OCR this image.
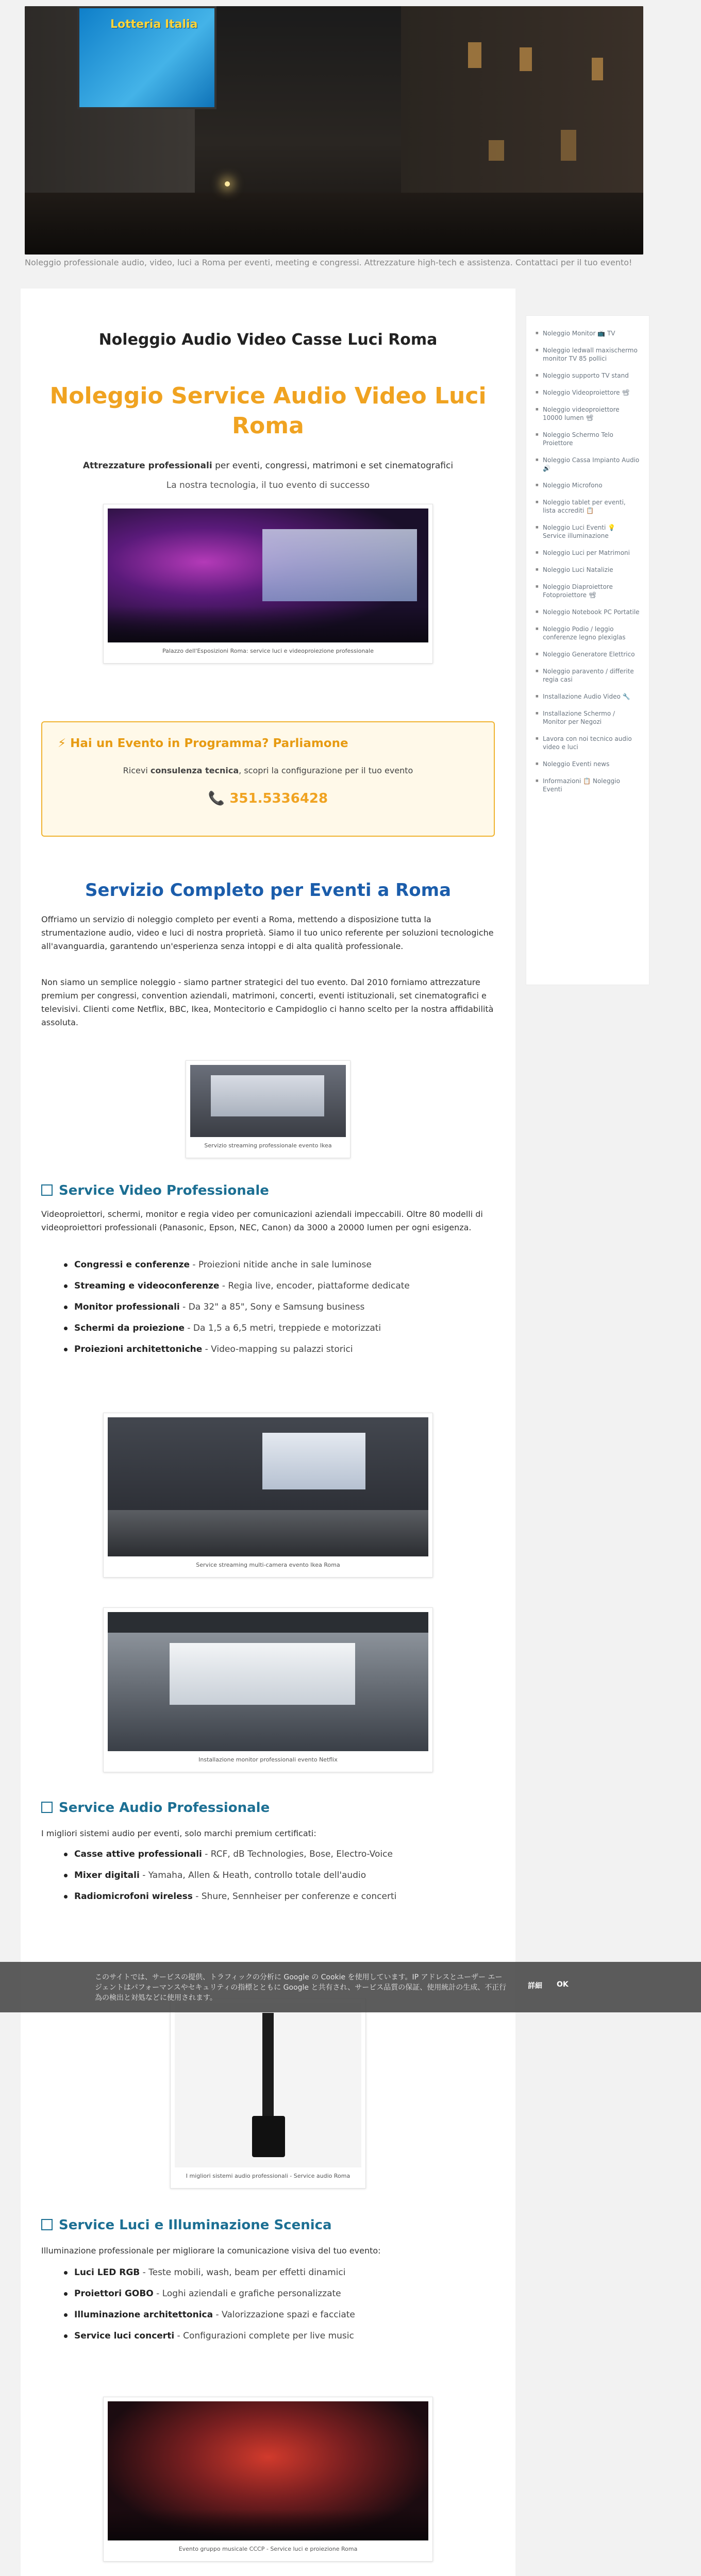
Lotteria Italia
Noleggio professionale audio, video, luci a Roma per eventi, meeting e congressi. Attrezzature high-tech e assistenza. Contattaci per il tuo evento!
Noleggio Audio Video Casse Luci Roma
Noleggio Service Audio Video Luci Roma
Attrezzature professionali per eventi, congressi, matrimoni e set cinematografici
La nostra tecnologia, il tuo evento di successo
Palazzo dell'Esposizioni Roma: service luci e videoproiezione professionale
⚡ Hai un Evento in Programma? Parliamone
Ricevi consulenza tecnica, scopri la configurazione per il tuo evento
📞 351.5336428
Servizio Completo per Eventi a Roma
Offriamo un servizio di noleggio completo per eventi a Roma, mettendo a disposizione tutta la strumentazione audio, video e luci di nostra proprietà. Siamo il tuo unico referente per soluzioni tecnologiche all'avanguardia, garantendo un'esperienza senza intoppi e di alta qualità professionale.
Non siamo un semplice noleggio - siamo partner strategici del tuo evento. Dal 2010 forniamo attrezzature premium per congressi, convention aziendali, matrimoni, concerti, eventi istituzionali, set cinematografici e televisivi. Clienti come Netflix, BBC, Ikea, Montecitorio e Campidoglio ci hanno scelto per la nostra affidabilità assoluta.
Servizio streaming professionale evento Ikea
Service Video Professionale
Videoproiettori, schermi, monitor e regia video per comunicazioni aziendali impeccabili. Oltre 80 modelli di videoproiettori professionali (Panasonic, Epson, NEC, Canon) da 3000 a 20000 lumen per ogni esigenza.
Congressi e conferenze - Proiezioni nitide anche in sale luminose
Streaming e videoconferenze - Regia live, encoder, piattaforme dedicate
Monitor professionali - Da 32" a 85", Sony e Samsung business
Schermi da proiezione - Da 1,5 a 6,5 metri, treppiede e motorizzati
Proiezioni architettoniche - Video-mapping su palazzi storici
Service streaming multi-camera evento Ikea Roma
Installazione monitor professionali evento Netflix
Service Audio Professionale
I migliori sistemi audio per eventi, solo marchi premium certificati:
Casse attive professionali - RCF, dB Technologies, Bose, Electro-Voice
Mixer digitali - Yamaha, Allen & Heath, controllo totale dell'audio
Radiomicrofoni wireless - Shure, Sennheiser per conferenze e concerti
I migliori sistemi audio professionali - Service audio Roma
Service Luci e Illuminazione Scenica
Illuminazione professionale per migliorare la comunicazione visiva del tuo evento:
Luci LED RGB - Teste mobili, wash, beam per effetti dinamici
Proiettori GOBO - Loghi aziendali e grafiche personalizzate
Illuminazione architettonica - Valorizzazione spazi e facciate
Service luci concerti - Configurazioni complete per live music
Evento gruppo musicale CCCP - Service luci e proiezione Roma
■ Noleggio Monitor 📺 TV
■ Noleggio ledwall maxischermo monitor TV 85 pollici
■ Noleggio supporto TV stand
■ Noleggio Videoproiettore 📽
■ Noleggio videoproiettore 10000 lumen 📽
■ Noleggio Schermo Telo Proiettore
■ Noleggio Cassa Impianto Audio 🔊
■ Noleggio Microfono
■ Noleggio tablet per eventi, lista accrediti 📋
■ Noleggio Luci Eventi 💡 Service illuminazione
■ Noleggio Luci per Matrimoni
■ Noleggio Luci Natalizie
■ Noleggio Diaproiettore Fotoproiettore 📽
■ Noleggio Notebook PC Portatile
■ Noleggio Podio / leggio conferenze legno plexiglas
■ Noleggio Generatore Elettrico
■ Noleggio paravento / differite regia casi
■ Installazione Audio Video 🔧
■ Installazione Schermo / Monitor per Negozi
■ Lavora con noi tecnico audio video e luci
■ Noleggio Eventi news
■ Informazioni 📋 Noleggio Eventi
このサイトでは、サービスの提供、トラフィックの分析に Google の Cookie を使用しています。IP アドレスとユーザー エージェントはパフォーマンスやセキュリティの指標とともに Google と共有され、サービス品質の保証、使用統計の生成、不正行為の検出と対処などに使用されます。
詳細 OK
